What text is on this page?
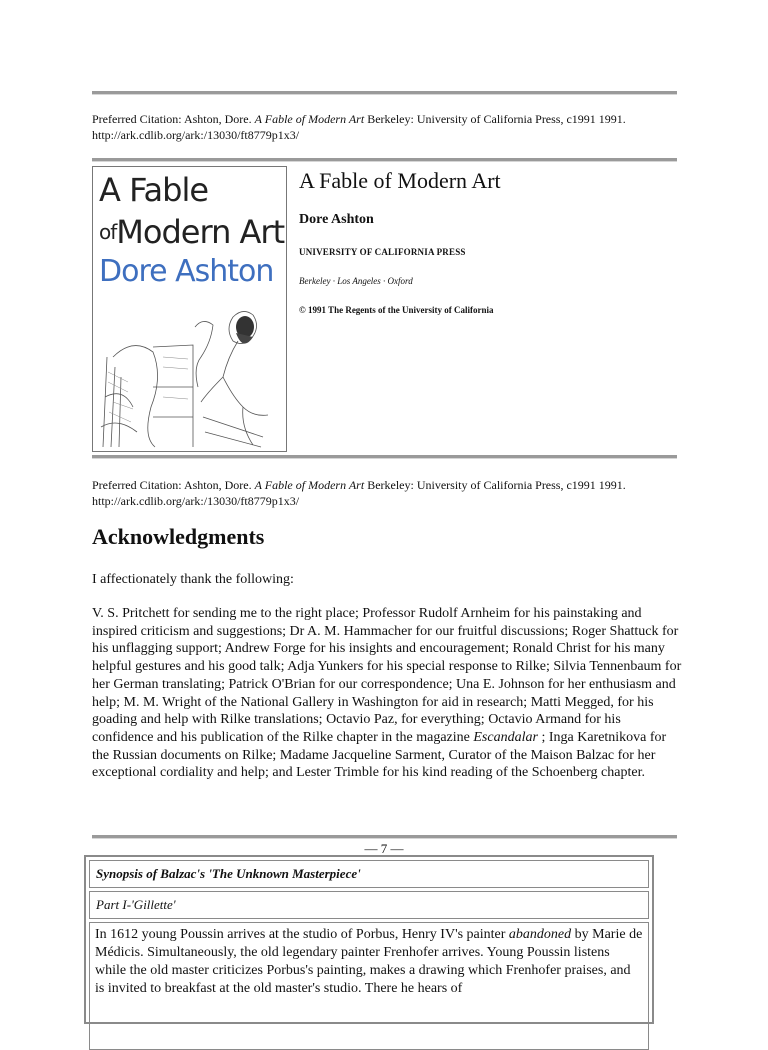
Preferred Citation: Ashton, Dore. A Fable of Modern Art Berkeley: University of California Press, c1991 1991.
http://ark.cdlib.org/ark:/13030/ft8779p1x3/
A Fable
$^{of}$Modern Art
Dore Ashton
A Fable of Modern Art
Dore Ashton
UNIVERSITY OF CALIFORNIA PRESS
Berkeley · Los Angeles · Oxford
© 1991 The Regents of the University of California
Preferred Citation: Ashton, Dore. A Fable of Modern Art Berkeley: University of California Press, c1991 1991.
http://ark.cdlib.org/ark:/13030/ft8779p1x3/
Acknowledgments
I affectionately thank the following:
V. S. Pritchett for sending me to the right place; Professor Rudolf Arnheim for his painstaking and inspired criticism and suggestions; Dr A. M. Hammacher for our fruitful discussions; Roger Shattuck for his unflagging support; Andrew Forge for his insights and encouragement; Ronald Christ for his many helpful gestures and his good talk; Adja Yunkers for his special response to Rilke; Silvia Tennenbaum for her German translating; Patrick O'Brian for our correspondence; Una E. Johnson for her enthusiasm and help; M. M. Wright of the National Gallery in Washington for aid in research; Matti Megged, for his goading and help with Rilke translations; Octavio Paz, for everything; Octavio Armand for his confidence and his publication of the Rilke chapter in the magazine Escandalar ; Inga Karetnikova for the Russian documents on Rilke; Madame Jacqueline Sarment, Curator of the Maison Balzac for her exceptional cordiality and help; and Lester Trimble for his kind reading of the Schoenberg chapter.
— 7 —
Synopsis of Balzac's 'The Unknown Masterpiece'
Part I-'Gillette'
In 1612 young Poussin arrives at the studio of Porbus, Henry IV's painter abandoned by Marie de Médicis. Simultaneously, the old legendary painter Frenhofer arrives. Young Poussin listens while the old master criticizes Porbus's painting, makes a drawing which Frenhofer praises, and is invited to breakfast at the old master's studio. There he hears of
